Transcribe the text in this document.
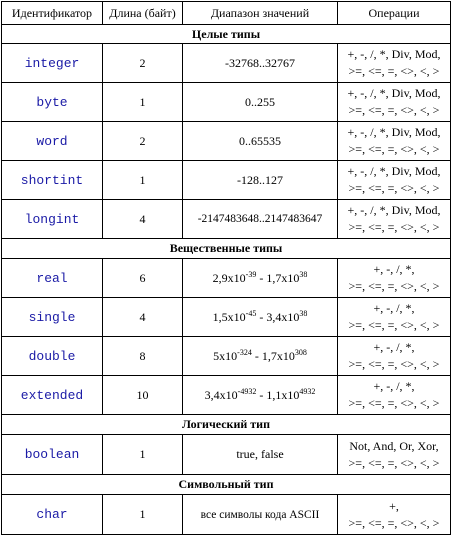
Идентификатор	Длина (байт)	Диапазон значений	Операции
Целые типы			
integer	2	-32768..32767	+, -, /, *, Div, Mod,
>=, <=, =, <>, <, >

byte	1	0..255	+, -, /, *, Div, Mod,
>=, <=, =, <>, <, >

word	2	0..65535	+, -, /, *, Div, Mod,
>=, <=, =, <>, <, >

shortint	1	-128..127	+, -, /, *, Div, Mod,
>=, <=, =, <>, <, >

longint	4	-2147483648..2147483647	+, -, /, *, Div, Mod,
>=, <=, =, <>, <, >

Вещественные типы			
real	6	$2,9x10^{-39} - 1,7x10^{38}$	+, -, /, *,
>=, <=, =, <>, <, >

single	4	$1,5x10^{-45} - 3,4x10^{38}$	+, -, /, *,
>=, <=, =, <>, <, >

double	8	$5x10^{-324} - 1,7x10^{308}$	+, -, /, *,
>=, <=, =, <>, <, >

extended	10	$3,4x10^{-4932} - 1,1x10^{4932}$	+, -, /, *,
>=, <=, =, <>, <, >

Логический тип			
boolean	1	true, false	Not, And, Or, Xor,
>=, <=, =, <>, <, >

Символьный тип			
char	1	все символы кода ASCII	+,
>=, <=, =, <>, <, >
